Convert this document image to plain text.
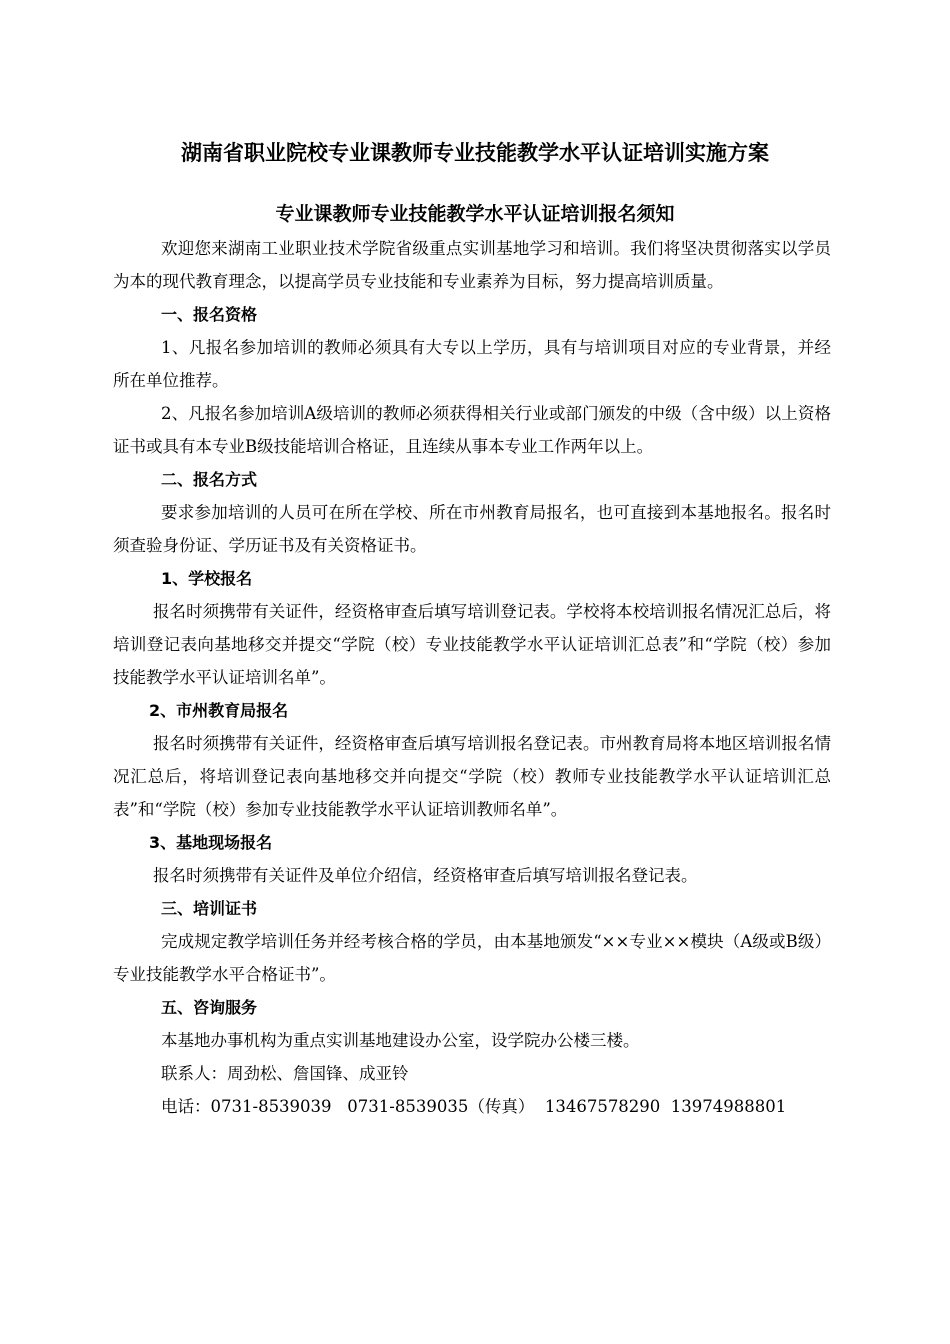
湖南省职业院校专业课教师专业技能教学水平认证培训实施方案
专业课教师专业技能教学水平认证培训报名须知

欢迎您来湖南工业职业技术学院省级重点实训基地学习和培训。我们将坚决贯彻落实以学员为本的现代教育理念，以提高学员专业技能和专业素养为目标，努力提高培训质量。

一、报名资格

1、凡报名参加培训的教师必须具有大专以上学历，具有与培训项目对应的专业背景，并经所在单位推荐。

2、凡报名参加培训A级培训的教师必须获得相关行业或部门颁发的中级（含中级）以上资格证书或具有本专业B级技能培训合格证，且连续从事本专业工作两年以上。

二、报名方式

要求参加培训的人员可在所在学校、所在市州教育局报名，也可直接到本基地报名。报名时须查验身份证、学历证书及有关资格证书。

1、学校报名

报名时须携带有关证件，经资格审查后填写培训登记表。学校将本校培训报名情况汇总后，将培训登记表向基地移交并提交“学院（校）专业技能教学水平认证培训汇总表”和“学院（校）参加技能教学水平认证培训名单”。

2、市州教育局报名

报名时须携带有关证件，经资格审查后填写培训报名登记表。市州教育局将本地区培训报名情况汇总后，将培训登记表向基地移交并向提交“学院（校）教师专业技能教学水平认证培训汇总表”和“学院（校）参加专业技能教学水平认证培训教师名单”。

3、基地现场报名

报名时须携带有关证件及单位介绍信，经资格审查后填写培训报名登记表。

三、培训证书

完成规定教学培训任务并经考核合格的学员，由本基地颁发“××专业××模块（A级或B级）专业技能教学水平合格证书”。

五、咨询服务

本基地办事机构为重点实训基地建设办公室，设学院办公楼三楼。

联系人：周劲松、詹国锋、成亚铃

电话：0731-8539039   0731-8539035（传真）  13467578290  13974988801
